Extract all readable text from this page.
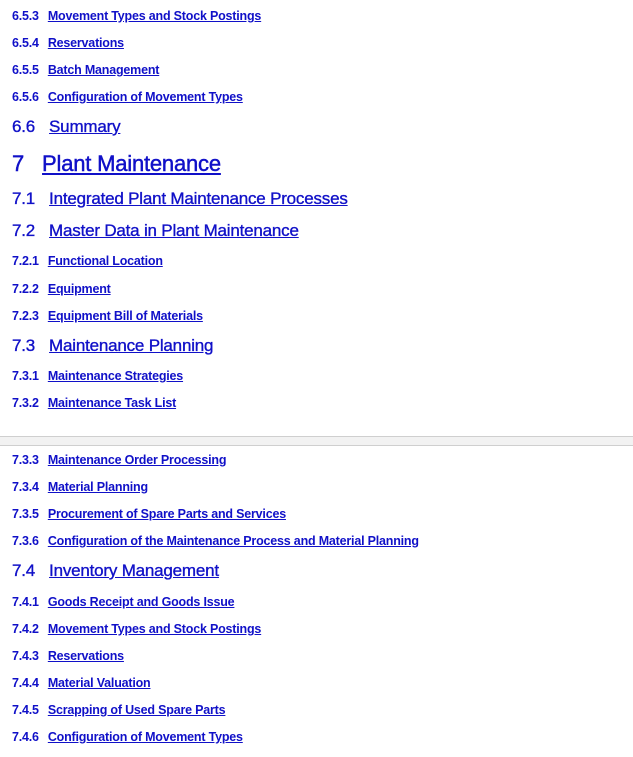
6.5.3 Movement Types and Stock Postings
6.5.4 Reservations
6.5.5 Batch Management
6.5.6 Configuration of Movement Types
6.6 Summary
7 Plant Maintenance
7.1 Integrated Plant Maintenance Processes
7.2 Master Data in Plant Maintenance
7.2.1 Functional Location
7.2.2 Equipment
7.2.3 Equipment Bill of Materials
7.3 Maintenance Planning
7.3.1 Maintenance Strategies
7.3.2 Maintenance Task List
7.3.3 Maintenance Order Processing
7.3.4 Material Planning
7.3.5 Procurement of Spare Parts and Services
7.3.6 Configuration of the Maintenance Process and Material Planning
7.4 Inventory Management
7.4.1 Goods Receipt and Goods Issue
7.4.2 Movement Types and Stock Postings
7.4.3 Reservations
7.4.4 Material Valuation
7.4.5 Scrapping of Used Spare Parts
7.4.6 Configuration of Movement Types
